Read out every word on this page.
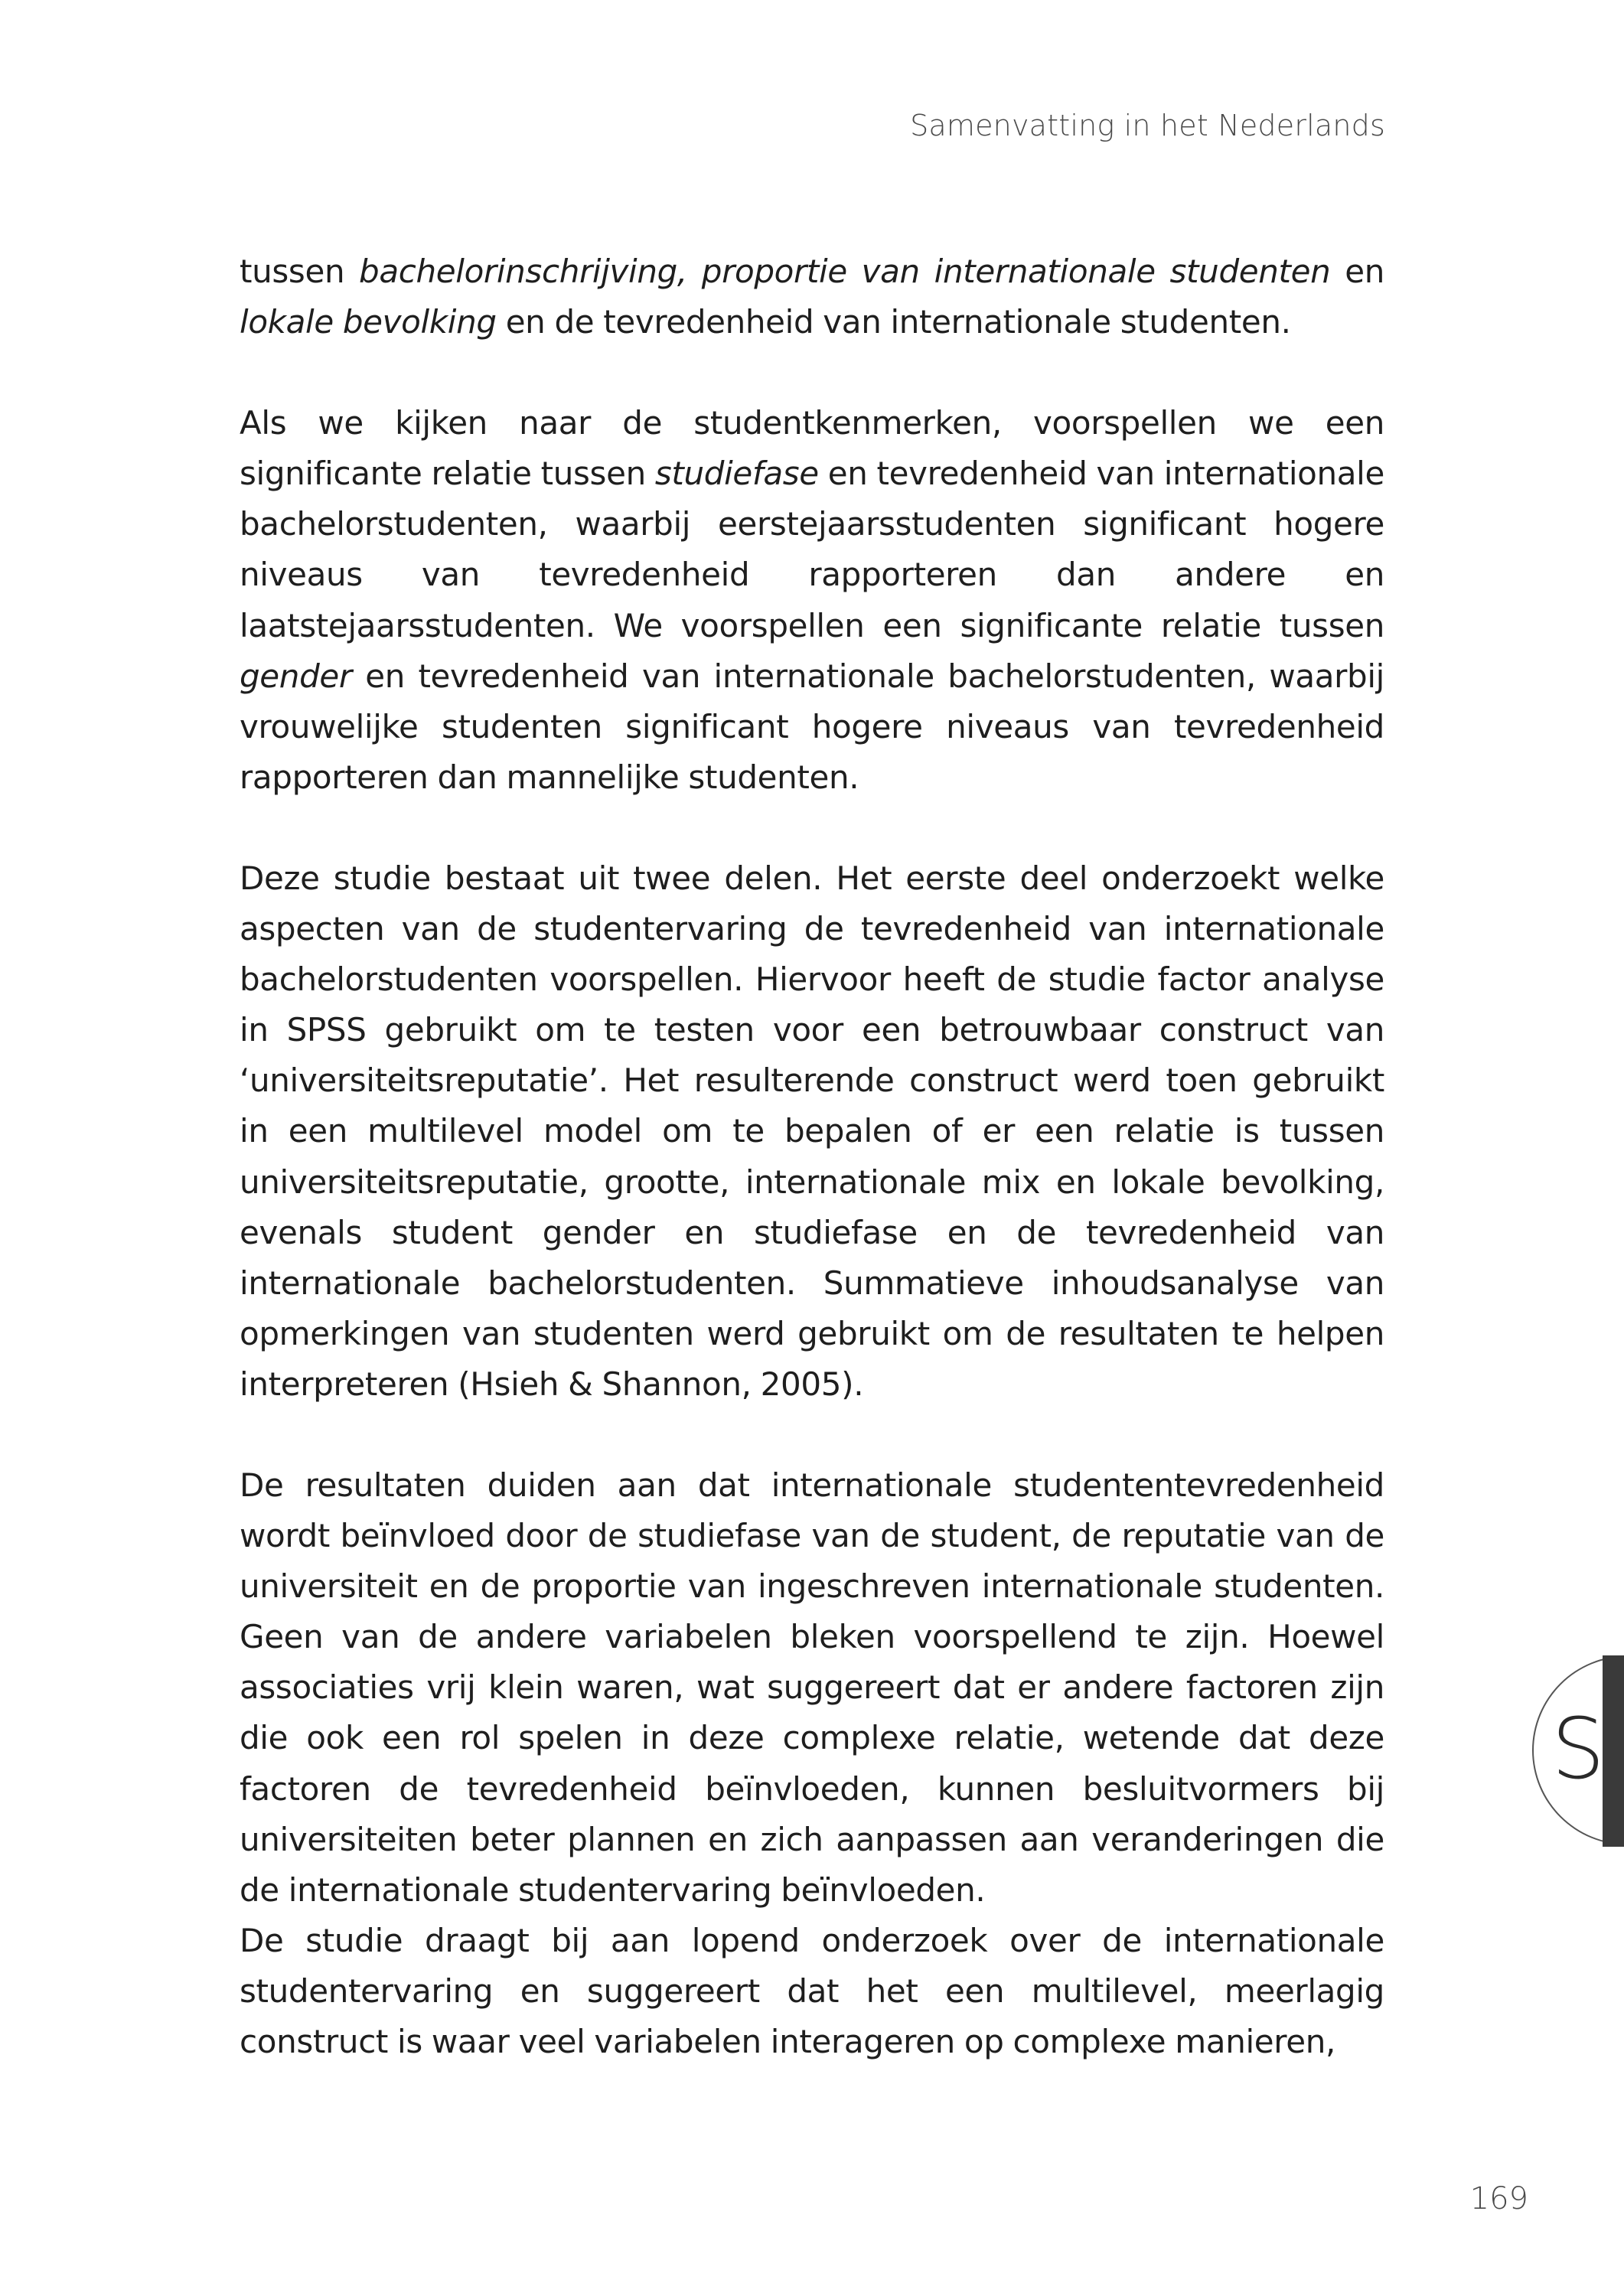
Samenvatting in het Nederlands

tussen bachelorinschrijving, proportie van internationale studenten en lokale bevolking en de tevredenheid van internationale studenten.

Als we kijken naar de studentkenmerken, voorspellen we een significante relatie tussen studiefase en tevredenheid van internationale bachelorstudenten, waarbij eerstejaarsstudenten significant hogere niveaus van tevredenheid rapporteren dan andere en laatstejaarsstudenten. We voorspellen een significante relatie tussen gender en tevredenheid van internationale bachelorstudenten, waarbij vrouwelijke studenten significant hogere niveaus van tevredenheid rapporteren dan mannelijke studenten.

Deze studie bestaat uit twee delen. Het eerste deel onderzoekt welke aspecten van de studentervaring de tevredenheid van internationale bachelorstudenten voorspellen. Hiervoor heeft de studie factor analyse in SPSS gebruikt om te testen voor een betrouwbaar construct van ‘universiteitsreputatie’. Het resulterende construct werd toen gebruikt in een multilevel model om te bepalen of er een relatie is tussen universiteitsreputatie, grootte, internationale mix en lokale bevolking, evenals student gender en studiefase en de tevredenheid van internationale bachelorstudenten. Summatieve inhoudsanalyse van opmerkingen van studenten werd gebruikt om de resultaten te helpen interpreteren (Hsieh & Shannon, 2005).

De resultaten duiden aan dat internationale studententevredenheid wordt beïnvloed door de studiefase van de student, de reputatie van de universiteit en de proportie van ingeschreven internationale studenten. Geen van de andere variabelen bleken voorspellend te zijn. Hoewel associaties vrij klein waren, wat suggereert dat er andere factoren zijn die ook een rol spelen in deze complexe relatie, wetende dat deze factoren de tevredenheid beïnvloeden, kunnen besluitvormers bij universiteiten beter plannen en zich aanpassen aan veranderingen die de internationale studentervaring beïnvloeden.

De studie draagt bij aan lopend onderzoek over de internationale studentervaring en suggereert dat het een multilevel, meerlagig construct is waar veel variabelen interageren op complexe manieren,

S
169
